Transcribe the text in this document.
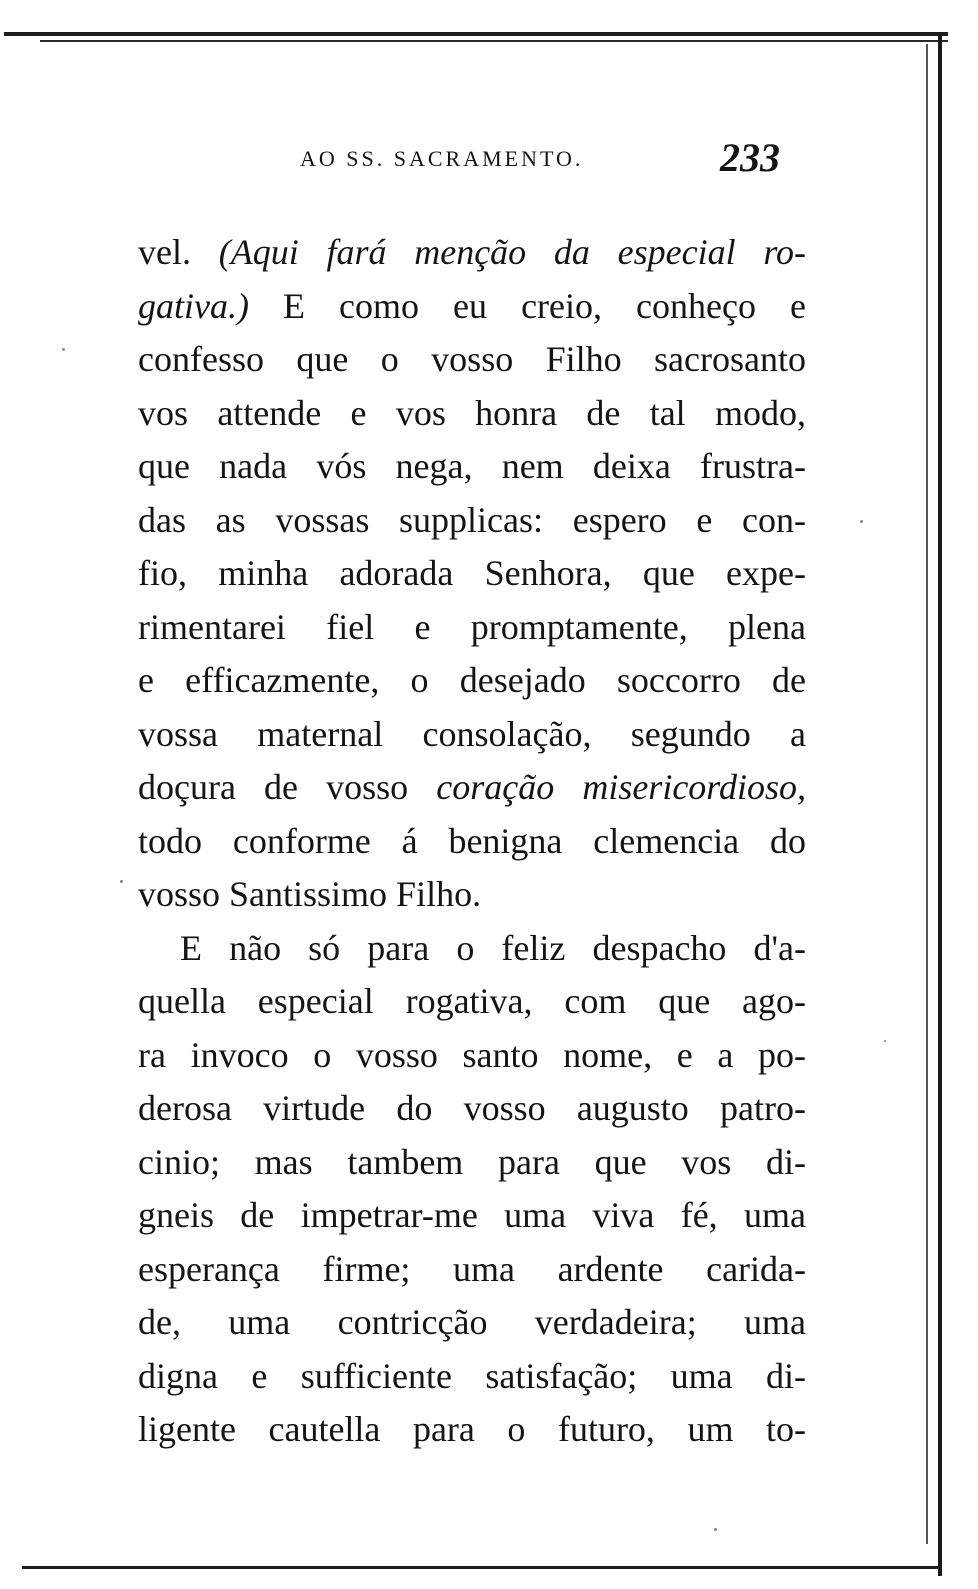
AO SS. SACRAMENTO.	233
vel. (Aqui fará menção da especial ro-
gativa.) E como eu creio, conheço e
confesso que o vosso Filho sacrosanto
vos attende e vos honra de tal modo,
que nada vós nega, nem deixa frustra-
das as vossas supplicas: espero e con-
fio, minha adorada Senhora, que expe-
rimentarei fiel e promptamente, plena
e efficazmente, o desejado soccorro de
vossa maternal consolação, segundo a
doçura de vosso coração misericordioso,
todo conforme á benigna clemencia do
vosso Santissimo Filho.
E não só para o feliz despacho d'a-
quella especial rogativa, com que ago-
ra invoco o vosso santo nome, e a po-
derosa virtude do vosso augusto patro-
cinio; mas tambem para que vos di-
gneis de impetrar-me uma viva fé, uma
esperança firme; uma ardente carida-
de, uma contricção verdadeira; uma
digna e sufficiente satisfação; uma di-
ligente cautella para o futuro, um to-
